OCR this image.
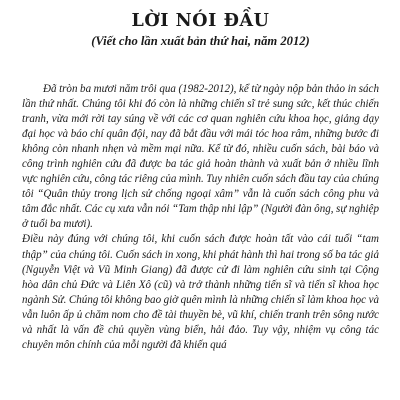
LỜI NÓI ĐẦU
(Viết cho lần xuất bản thứ hai, năm 2012)

Đã tròn ba mươi năm trôi qua (1982-2012), kể từ ngày nộp bản thảo in sách lần thứ nhất. Chúng tôi khi đó còn là những chiến sĩ trẻ sung sức, kết thúc chiến tranh, vừa mới rời tay súng về với các cơ quan nghiên cứu khoa học, giảng dạy đại học và báo chí quân đội, nay đã bắt đầu với mái tóc hoa râm, những bước đi không còn nhanh nhẹn và mềm mại nữa. Kể từ đó, nhiều cuốn sách, bài báo và công trình nghiên cứu đã được ba tác giả hoàn thành và xuất bản ở nhiều lĩnh vực nghiên cứu, công tác riêng của mình. Tuy nhiên cuốn sách đầu tay của chúng tôi “Quân thủy trong lịch sử chống ngoại xâm” vẫn là cuốn sách công phu và tâm đắc nhất. Các cụ xưa vẫn nói “Tam thập nhi lập” (Người đàn ông, sự nghiệp ở tuổi ba mươi).

Điều này đúng với chúng tôi, khi cuốn sách được hoàn tất vào cái tuổi “tam thập” của chúng tôi. Cuốn sách in xong, khi phát hành thì hai trong số ba tác giả (Nguyễn Việt và Vũ Minh Giang) đã được cử đi làm nghiên cứu sinh tại Cộng hòa dân chủ Đức và Liên Xô (cũ) và trở thành những tiến sĩ và tiến sĩ khoa học ngành Sử. Chúng tôi không bao giờ quên mình là những chiến sĩ làm khoa học và vẫn luôn ấp ủ chăm nom cho đề tài thuyền bè, vũ khí, chiến tranh trên sông nước và nhất là vấn đề chủ quyền vùng biển, hải đảo. Tuy vậy, nhiệm vụ công tác chuyên môn chính của mỗi người đã khiến quá
